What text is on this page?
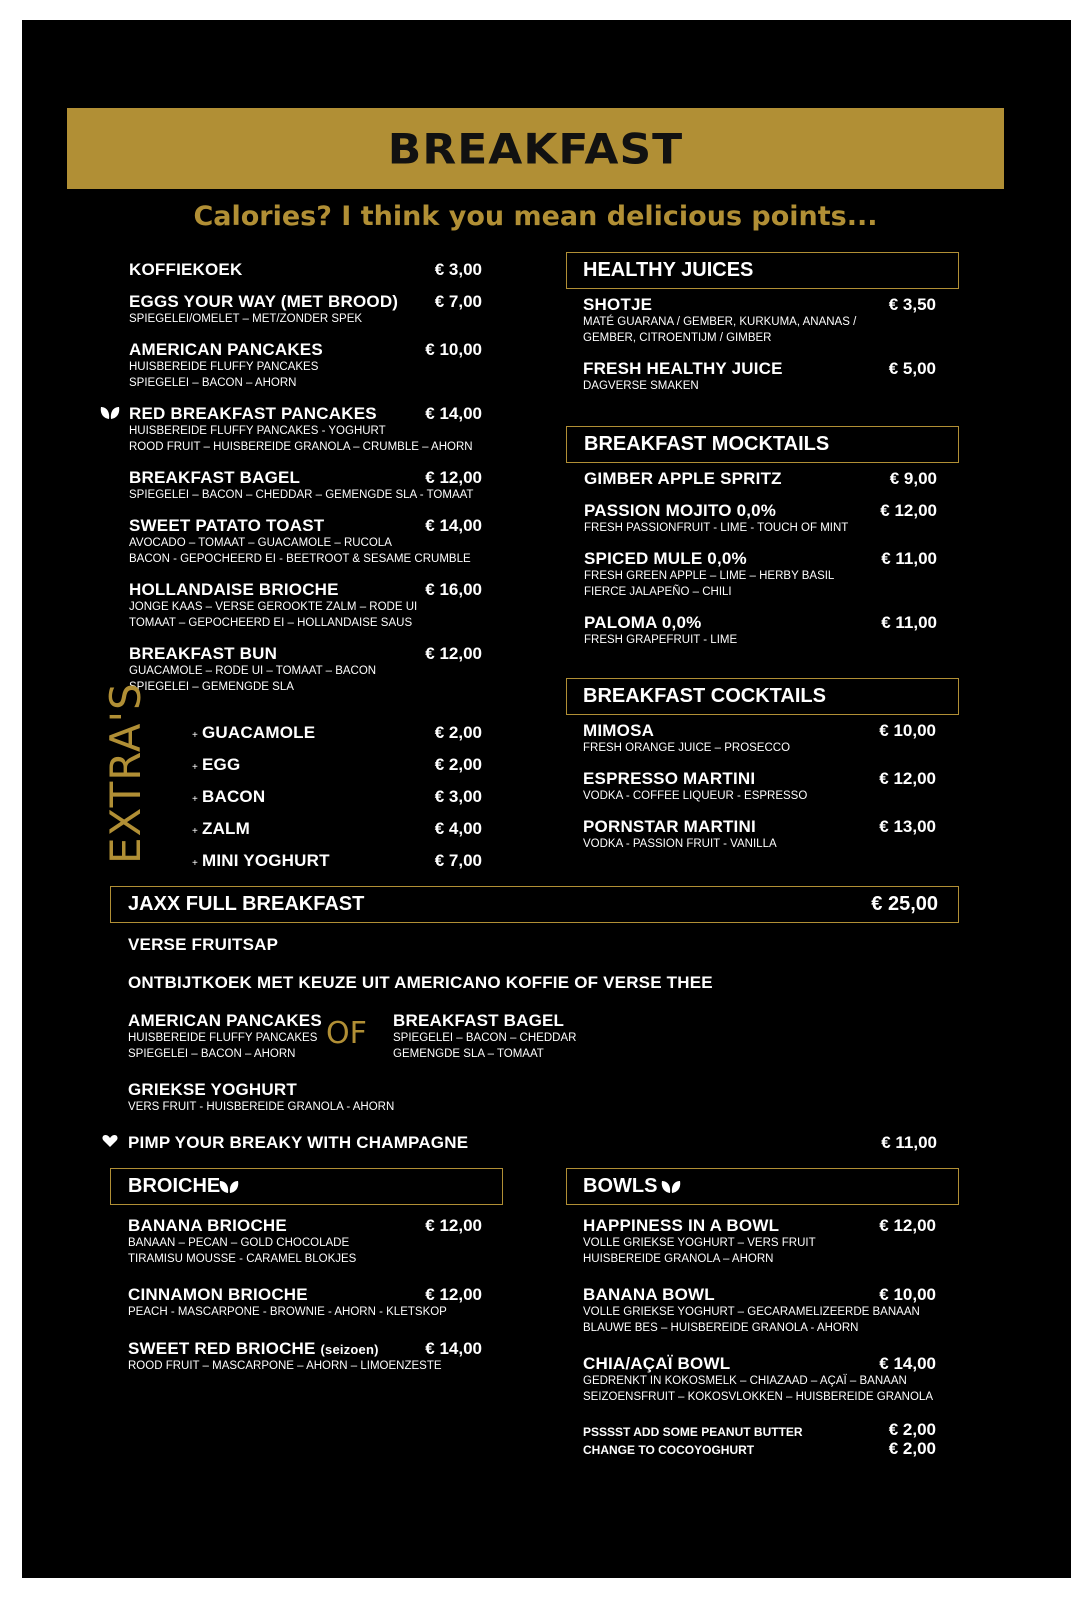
BREAKFAST
Calories? I think you mean delicious points...
KOFFIEKOEK	€ 3,00
EGGS YOUR WAY (MET BROOD)
SPIEGELEI/OMELET – MET/ZONDER SPEK
€ 7,00
AMERICAN PANCAKES
HUISBEREIDE FLUFFY PANCAKES
SPIEGELEI – BACON – AHORN
€ 10,00
RED BREAKFAST PANCAKES
HUISBEREIDE FLUFFY PANCAKES - YOGHURT
ROOD FRUIT – HUISBEREIDE GRANOLA – CRUMBLE – AHORN
€ 14,00
BREAKFAST BAGEL
SPIEGELEI – BACON – CHEDDAR – GEMENGDE SLA - TOMAAT
€ 12,00
SWEET PATATO TOAST
AVOCADO – TOMAAT – GUACAMOLE – RUCOLA
BACON - GEPOCHEERD EI - BEETROOT & SESAME CRUMBLE
€ 14,00
HOLLANDAISE BRIOCHE
JONGE KAAS – VERSE GEROOKTE ZALM – RODE UI
TOMAAT – GEPOCHEERD EI – HOLLANDAISE SAUS
€ 16,00
BREAKFAST BUN
GUACAMOLE – RODE UI – TOMAAT – BACON
SPIEGELEI – GEMENGDE SLA
€ 12,00
EXTRA'S	+ GUACAMOLE	€ 2,00
+ EGG	€ 2,00
+ BACON	€ 3,00
+ ZALM	€ 4,00
+ MINI YOGHURT	€ 7,00
HEALTHY JUICES
SHOTJE
MATÉ GUARANA / GEMBER, KURKUMA, ANANAS /
GEMBER, CITROENTIJM / GIMBER
€ 3,50
FRESH HEALTHY JUICE
DAGVERSE SMAKEN
€ 5,00
BREAKFAST MOCKTAILS
GIMBER APPLE SPRITZ	€ 9,00
PASSION MOJITO 0,0%
FRESH PASSIONFRUIT - LIME - TOUCH OF MINT
€ 12,00
SPICED MULE 0,0%
FRESH GREEN APPLE – LIME – HERBY BASIL
FIERCE JALAPEÑO – CHILI
€ 11,00
PALOMA 0,0%
FRESH GRAPEFRUIT - LIME
€ 11,00
BREAKFAST COCKTAILS
MIMOSA
FRESH ORANGE JUICE – PROSECCO
€ 10,00
ESPRESSO MARTINI
VODKA - COFFEE LIQUEUR - ESPRESSO
€ 12,00
PORNSTAR MARTINI
VODKA - PASSION FRUIT - VANILLA
€ 13,00
JAXX FULL BREAKFAST	€ 25,00
VERSE FRUITSAP
ONTBIJTKOEK MET KEUZE UIT AMERICANO KOFFIE OF VERSE THEE
AMERICAN PANCAKES
HUISBEREIDE FLUFFY PANCAKES
SPIEGELEI – BACON – AHORN
OF BREAKFAST BAGEL
SPIEGELEI – BACON – CHEDDAR
GEMENGDE SLA – TOMAAT
GRIEKSE YOGHURT
VERS FRUIT - HUISBEREIDE GRANOLA - AHORN
PIMP YOUR BREAKY WITH CHAMPAGNE	€ 11,00
BROICHE
BANANA BRIOCHE
BANAAN – PECAN – GOLD CHOCOLADE
TIRAMISU MOUSSE - CARAMEL BLOKJES
€ 12,00
CINNAMON BRIOCHE
PEACH - MASCARPONE - BROWNIE - AHORN - KLETSKOP
€ 12,00
SWEET RED BRIOCHE (seizoen)
ROOD FRUIT – MASCARPONE – AHORN – LIMOENZESTE
€ 14,00
BOWLS
HAPPINESS IN A BOWL
VOLLE GRIEKSE YOGHURT – VERS FRUIT
HUISBEREIDE GRANOLA – AHORN
€ 12,00
BANANA BOWL
VOLLE GRIEKSE YOGHURT – GECARAMELIZEERDE BANAAN
BLAUWE BES – HUISBEREIDE GRANOLA - AHORN
€ 10,00
CHIA/AÇAÏ BOWL
GEDRENKT IN KOKOSMELK – CHIAZAAD – AÇAÏ – BANAAN
SEIZOENSFRUIT – KOKOSVLOKKEN – HUISBEREIDE GRANOLA
€ 14,00
PSSSST ADD SOME PEANUT BUTTER	€ 2,00
CHANGE TO COCOYOGHURT	€ 2,00
